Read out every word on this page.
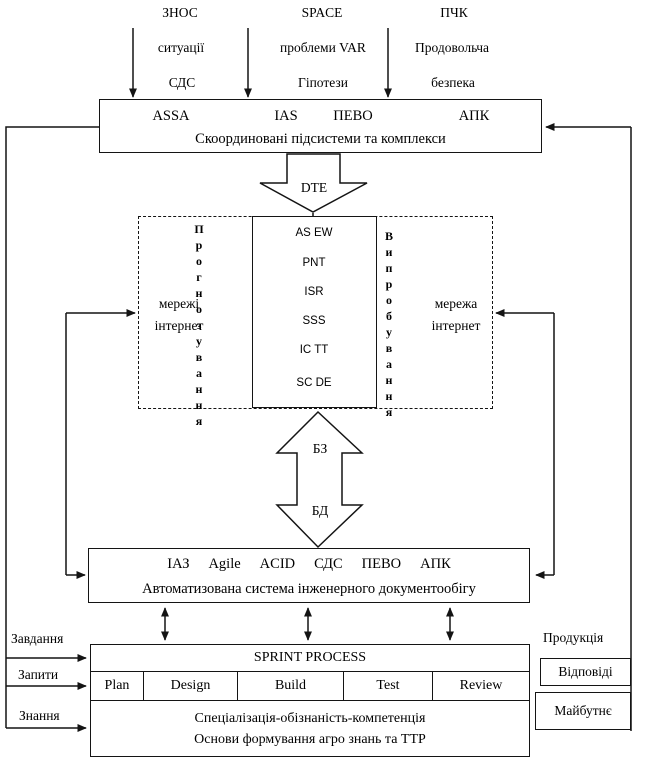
ЗНОС
ситуації
СДС
SPACE
проблеми VAR
Гіпотези
ПЧК
Продовольча
безпека
ASSA	IAS ПЕВО	АПК
Скоординовані підсистеми та комплекси
DTE
Прогнозування	Випробування
AS EW
PNT
ISR
SSS
IC TT
SC DE
мережі
інтернет
мережа
інтернет
БЗ
БД
ІАЗ Agile ACID СДС ПЕВО АПК
Автоматизована система інженерного документообігу
SPRINT PROCESS
Plan	Design	Build	Test	Review
Спеціалізація-обізнаність-компетенція
Основи формування агро знань та ТТР
Завдання
Запити
Знання
Продукція
Відповіді
Майбутнє
